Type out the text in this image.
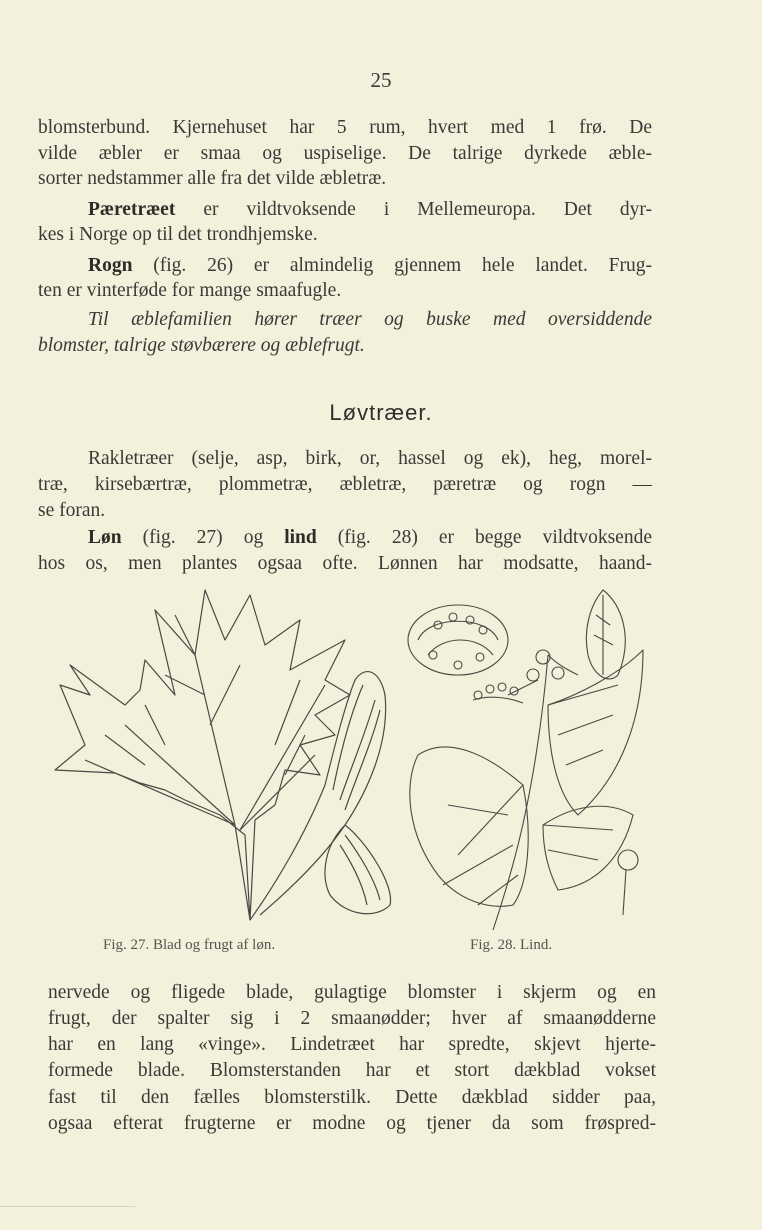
25
blomsterbund. Kjernehuset har 5 rum, hvert med 1 frø. De
vilde æbler er smaa og uspiselige. De talrige dyrkede æble-
sorter nedstammer alle fra det vilde æbletræ.
Pæretræet er vildtvoksende i Mellemeuropa. Det dyr-
kes i Norge op til det trondhjemske.
Rogn (fig. 26) er almindelig gjennem hele landet. Frug-
ten er vinterføde for mange smaafugle.
Til æblefamilien hører træer og buske med oversiddende
blomster, talrige støvbærere og æblefrugt.
Løvtræer.
Rakletræer (selje, asp, birk, or, hassel og ek), heg, morel-
træ, kirsebærtræ, plommetræ, æbletræ, pæretræ og rogn —
se foran.
Løn (fig. 27) og lind (fig. 28) er begge vildtvoksende
hos os, men plantes ogsaa ofte. Lønnen har modsatte, haand-
Fig. 27. Blad og frugt af løn.	Fig. 28. Lind.
nervede og fligede blade, gulagtige blomster i skjerm og en
frugt, der spalter sig i 2 smaanødder; hver af smaanødderne
har en lang «vinge». Lindetræet har spredte, skjevt hjerte-
formede blade. Blomsterstanden har et stort dækblad vokset
fast til den fælles blomsterstilk. Dette dækblad sidder paa,
ogsaa efterat frugterne er modne og tjener da som frøspred-
